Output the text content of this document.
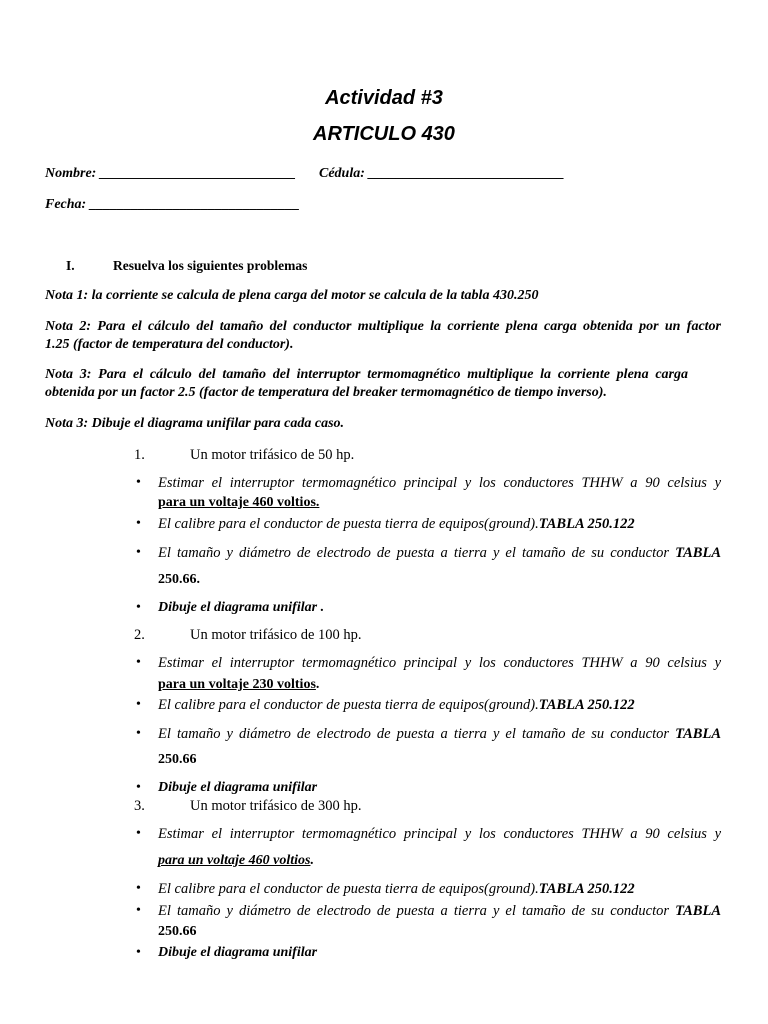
Actividad #3
ARTICULO 430
Nombre: ____________________________ Cédula: ____________________________
Fecha: ______________________________
I.	Resuelva los siguientes problemas
Nota 1: la corriente se calcula de plena carga del motor se calcula de la tabla 430.250
Nota 2: Para el cálculo del tamaño del conductor multiplique la corriente plena carga obtenida por un factor
1.25 (factor de temperatura del conductor).
Nota 3: Para el cálculo del tamaño del interruptor termomagnético multiplique la corriente plena carga
obtenida por un factor 2.5 (factor de temperatura del breaker termomagnético de tiempo inverso).
Nota 3: Dibuje el diagrama unifilar para cada caso.
1.	Un motor trifásico de 50 hp.
• Estimar el interruptor termomagnético principal y los conductores THHW a 90 celsius y
para un voltaje 460 voltios.
• El calibre para el conductor de puesta tierra de equipos(ground).TABLA 250.122
• El tamaño y diámetro de electrodo de puesta a tierra y el tamaño de su conductor TABLA
250.66.
• Dibuje el diagrama unifilar .
2.	Un motor trifásico de 100 hp.
• Estimar el interruptor termomagnético principal y los conductores THHW a 90 celsius y
para un voltaje 230 voltios.
• El calibre para el conductor de puesta tierra de equipos(ground).TABLA 250.122
• El tamaño y diámetro de electrodo de puesta a tierra y el tamaño de su conductor TABLA
250.66
• Dibuje el diagrama unifilar
3.	Un motor trifásico de 300 hp.
• Estimar el interruptor termomagnético principal y los conductores THHW a 90 celsius y
para un voltaje 460 voltios.
• El calibre para el conductor de puesta tierra de equipos(ground).TABLA 250.122
• El tamaño y diámetro de electrodo de puesta a tierra y el tamaño de su conductor TABLA
250.66
• Dibuje el diagrama unifilar
